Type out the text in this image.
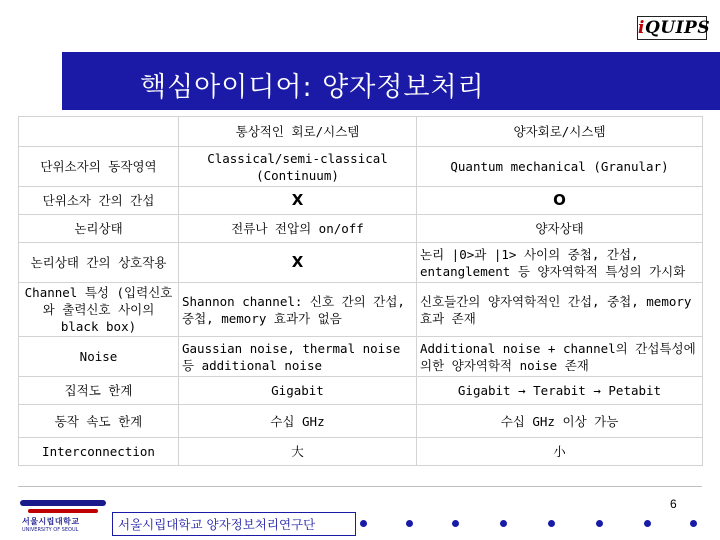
iQUIPS
핵심아이디어: 양자정보처리
	통상적인 회로/시스템	양자회로/시스템
단위소자의 동작영역	Classical/semi-classical (Continuum)	Quantum mechanical (Granular)
단위소자 간의 간섭	X	O
논리상태	전류나 전압의 on/off	양자상태
논리상태 간의 상호작용	X	논리 |0>과 |1> 사이의 중첩, 간섭, entanglement 등 양자역학적 특성의 가시화
Channel 특성 (입력신호와 출력신호 사이의 black box)	Shannon channel: 신호 간의 간섭, 중첩, memory 효과가 없음	신호들간의 양자역학적인 간섭, 중첩, memory 효과 존재
Noise	Gaussian noise, thermal noise 등 additional noise	Additional noise + channel의 간섭특성에 의한 양자역학적 noise 존재
집적도 한계	Gigabit	Gigabit → Terabit → Petabit
동작 속도 한계	수십 GHz	수십 GHz 이상 가능
Interconnection	大	小
6
서울시립대학교
UNIVERSITY OF SEOUL	서울시립대학교 양자정보처리연구단
